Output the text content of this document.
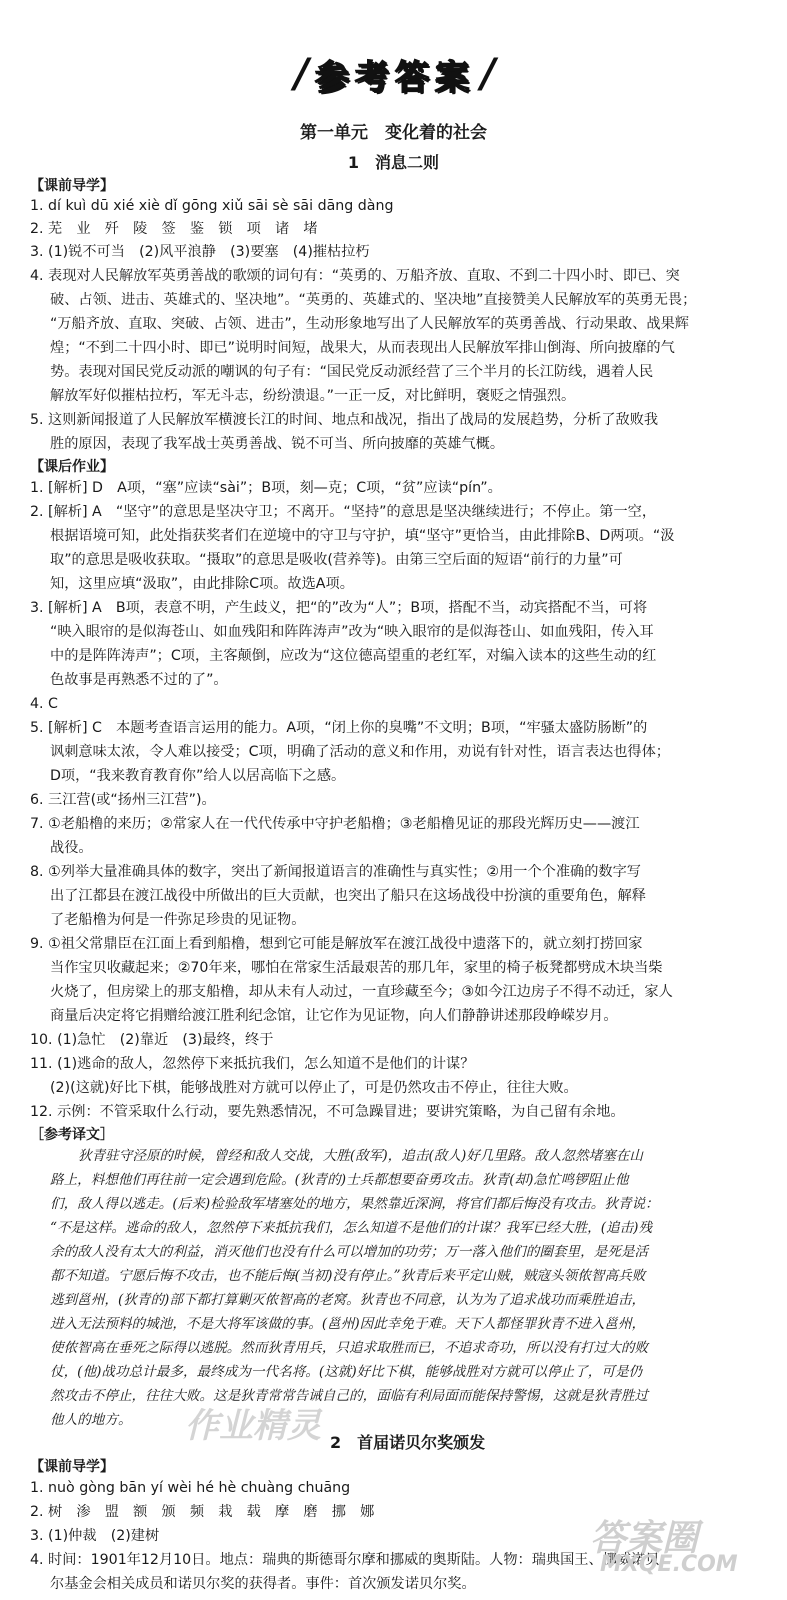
/ 参考答案 /
第一单元　变化着的社会
1　消息二则
【课前导学】
1. dí kuì dū xié xiè dǐ gōng xiǔ sāi sè sāi dāng dàng
2. 芜　业　歼　陵　签　鉴　锁　项　诸　堵
3. (1)锐不可当　(2)风平浪静　(3)要塞　(4)摧枯拉朽
4. 表现对人民解放军英勇善战的歌颂的词句有：“英勇的、万船齐放、直取、不到二十四小时、即已、突
破、占领、进击、英雄式的、坚决地”。“英勇的、英雄式的、坚决地”直接赞美人民解放军的英勇无畏；
“万船齐放、直取、突破、占领、进击”，生动形象地写出了人民解放军的英勇善战、行动果敢、战果辉
煌；“不到二十四小时、即已”说明时间短，战果大，从而表现出人民解放军排山倒海、所向披靡的气
势。表现对国民党反动派的嘲讽的句子有：“国民党反动派经营了三个半月的长江防线，遇着人民
解放军好似摧枯拉朽，军无斗志，纷纷溃退。”一正一反，对比鲜明，褒贬之情强烈。
5. 这则新闻报道了人民解放军横渡长江的时间、地点和战况，指出了战局的发展趋势，分析了敌败我
胜的原因，表现了我军战士英勇善战、锐不可当、所向披靡的英雄气概。
【课后作业】
1. [解析] D　A项，“塞”应读“sài”；B项，刻—克；C项，“贫”应读“pín”。
2. [解析] A　“坚守”的意思是坚决守卫；不离开。“坚持”的意思是坚决继续进行；不停止。第一空，
根据语境可知，此处指获奖者们在逆境中的守卫与守护，填“坚守”更恰当，由此排除B、D两项。“汲
取”的意思是吸收获取。“摄取”的意思是吸收(营养等)。由第三空后面的短语“前行的力量”可
知，这里应填“汲取”，由此排除C项。故选A项。
3. [解析] A　B项，表意不明，产生歧义，把“的”改为“人”；B项，搭配不当，动宾搭配不当，可将
“映入眼帘的是似海苍山、如血残阳和阵阵涛声”改为“映入眼帘的是似海苍山、如血残阳，传入耳
中的是阵阵涛声”；C项，主客颠倒，应改为“这位德高望重的老红军，对编入读本的这些生动的红
色故事是再熟悉不过的了”。
4. C
5. [解析] C　本题考查语言运用的能力。A项，“闭上你的臭嘴”不文明；B项，“牢骚太盛防肠断”的
讽刺意味太浓，令人难以接受；C项，明确了活动的意义和作用，劝说有针对性，语言表达也得体；
D项，“我来教育教育你”给人以居高临下之感。
6. 三江营(或“扬州三江营”)。
7. ①老船橹的来历；②常家人在一代代传承中守护老船橹；③老船橹见证的那段光辉历史——渡江
战役。
8. ①列举大量准确具体的数字，突出了新闻报道语言的准确性与真实性；②用一个个准确的数字写
出了江都县在渡江战役中所做出的巨大贡献，也突出了船只在这场战役中扮演的重要角色，解释
了老船橹为何是一件弥足珍贵的见证物。
9. ①祖父常鼎臣在江面上看到船橹，想到它可能是解放军在渡江战役中遗落下的，就立刻打捞回家
当作宝贝收藏起来；②70年来，哪怕在常家生活最艰苦的那几年，家里的椅子板凳都劈成木块当柴
火烧了，但房梁上的那支船橹，却从未有人动过，一直珍藏至今；③如今江边房子不得不动迁，家人
商量后决定将它捐赠给渡江胜利纪念馆，让它作为见证物，向人们静静讲述那段峥嵘岁月。
10. (1)急忙　(2)靠近　(3)最终，终于
11. (1)逃命的敌人，忽然停下来抵抗我们，怎么知道不是他们的计谋？
(2)(这就)好比下棋，能够战胜对方就可以停止了，可是仍然攻击不停止，往往大败。
12. 示例：不管采取什么行动，要先熟悉情况，不可急躁冒进；要讲究策略，为自己留有余地。
［参考译文］
狄青驻守泾原的时候，曾经和敌人交战，大胜(敌军)，追击(敌人)好几里路。敌人忽然堵塞在山
路上，料想他们再往前一定会遇到危险。(狄青的)士兵都想要奋勇攻击。狄青(却)急忙鸣锣阻止他
们，敌人得以逃走。(后来)检验敌军堵塞处的地方，果然靠近深涧，将官们都后悔没有攻击。狄青说：
“不是这样。逃命的敌人，忽然停下来抵抗我们，怎么知道不是他们的计谋？我军已经大胜，(追击)残
余的敌人没有太大的利益，消灭他们也没有什么可以增加的功劳；万一落入他们的圈套里，是死是活
都不知道。宁愿后悔不攻击，也不能后悔(当初)没有停止。”狄青后来平定山贼，贼寇头领侬智高兵败
逃到邕州，(狄青的)部下都打算剿灭侬智高的老窝。狄青也不同意，认为为了追求战功而乘胜追击，
进入无法预料的城池，不是大将军该做的事。(邕州)因此幸免于难。天下人都怪罪狄青不进入邕州，
使侬智高在垂死之际得以逃脱。然而狄青用兵，只追求取胜而已，不追求奇功，所以没有打过大的败
仗，(他)战功总计最多，最终成为一代名将。(这就)好比下棋，能够战胜对方就可以停止了，可是仍
然攻击不停止，往往大败。这是狄青常常告诫自己的，面临有利局面而能保持警惕，这就是狄青胜过
他人的地方。 作业精灵 2　首届诺贝尔奖颁发
【课前导学】
1. nuò gòng bān yí wèi hé hè chuàng chuāng
2. 树　渗　盟　额　颁　频　栽　载　摩　磨　挪　娜
3. (1)仲裁　(2)建树
4. 时间：1901年12月10日。地点：瑞典的斯德哥尔摩和挪威的奥斯陆。人物：瑞典国王、挪威诺贝
尔基金会相关成员和诺贝尔奖的获得者。事件：首次颁发诺贝尔奖。
答案圈
MXQE.COM
